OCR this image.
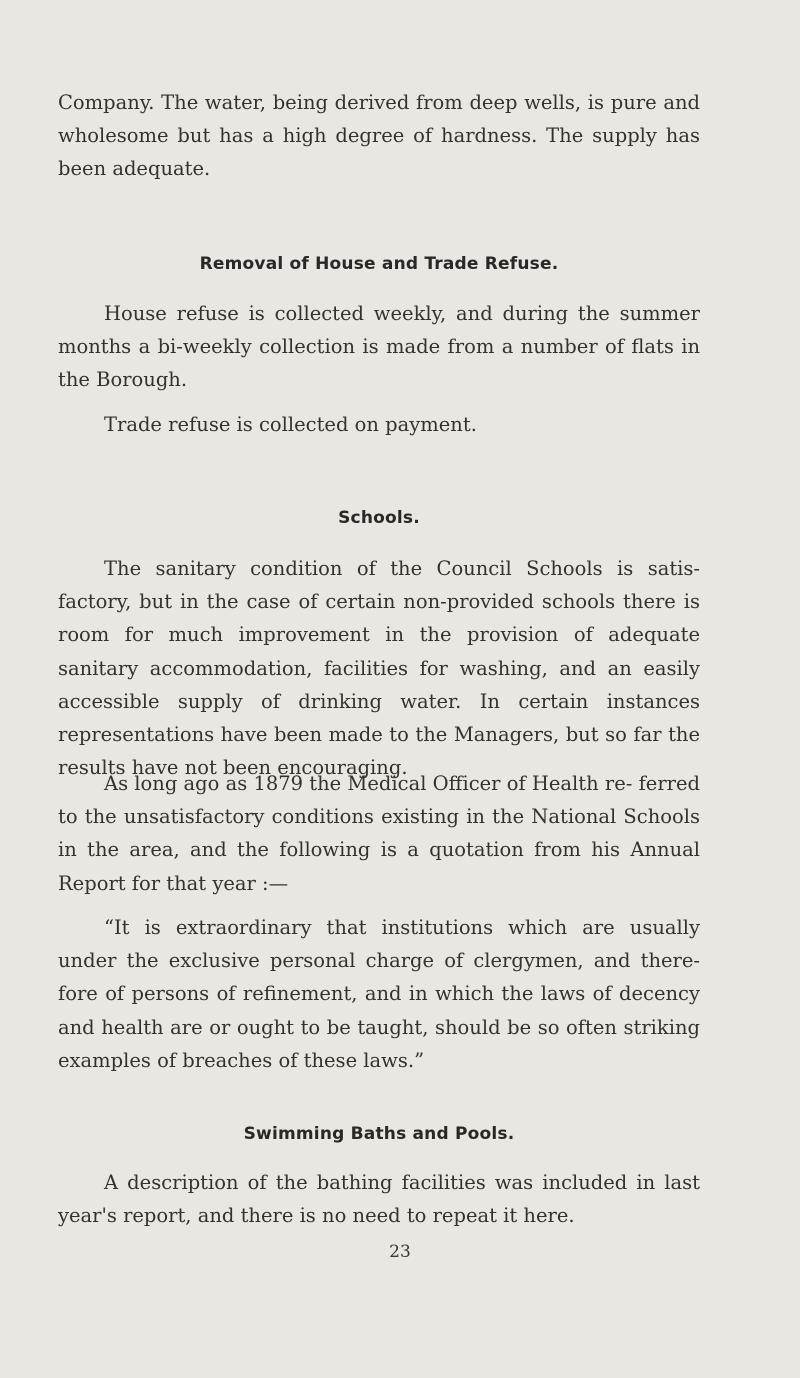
Company. The water, being derived from deep wells, is pure and wholesome but has a high degree of hardness. The supply has been adequate.

Removal of House and Trade Refuse.

House refuse is collected weekly, and during the summer months a bi-weekly collection is made from a number of flats in the Borough.

Trade refuse is collected on payment.

Schools.

The sanitary condition of the Council Schools is satis- factory, but in the case of certain non-provided schools there is room for much improvement in the provision of adequate sanitary accommodation, facilities for washing, and an easily accessible supply of drinking water. In certain instances representations have been made to the Managers, but so far the results have not been encouraging.

As long ago as 1879 the Medical Officer of Health re- ferred to the unsatisfactory conditions existing in the National Schools in the area, and the following is a quotation from his Annual Report for that year :—

“It is extraordinary that institutions which are usually under the exclusive personal charge of clergymen, and there- fore of persons of refinement, and in which the laws of decency and health are or ought to be taught, should be so often striking examples of breaches of these laws.”

Swimming Baths and Pools.

A description of the bathing facilities was included in last year's report, and there is no need to repeat it here.

23
